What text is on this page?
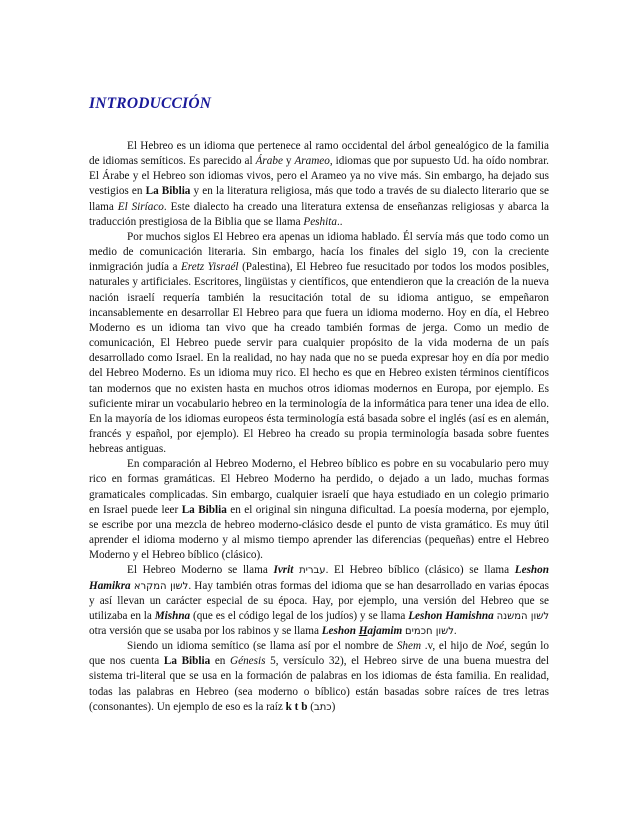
INTRODUCCIÓN

El Hebreo es un idioma que pertenece al ramo occidental del árbol genealógico de la familia de idiomas semíticos. Es parecido al Árabe y Arameo, idiomas que por supuesto Ud. ha oído nombrar. El Árabe y el Hebreo son idiomas vivos, pero el Arameo ya no vive más. Sin embargo, ha dejado sus vestigios en La Biblia y en la literatura religiosa, más que todo a través de su dialecto literario que se llama El Siríaco. Este dialecto ha creado una literatura extensa de enseñanzas religiosas y abarca la traducción prestigiosa de la Biblia que se llama Peshita..

Por muchos siglos El Hebreo era apenas un idioma hablado. Él servía más que todo como un medio de comunicación literaria. Sin embargo, hacía los finales del siglo 19, con la creciente inmigración judía a Eretz Yisraél (Palestina), El Hebreo fue resucitado por todos los modos posibles, naturales y artificiales. Escritores, lingüistas y científicos, que entendieron que la creación de la nueva nación israelí requería también la resucitación total de su idioma antiguo, se empeñaron incansablemente en desarrollar El Hebreo para que fuera un idioma moderno. Hoy en día, el Hebreo Moderno es un idioma tan vivo que ha creado también formas de jerga. Como un medio de comunicación, El Hebreo puede servir para cualquier propósito de la vida moderna de un país desarrollado como Israel. En la realidad, no hay nada que no se pueda expresar hoy en día por medio del Hebreo Moderno. Es un idioma muy rico. El hecho es que en Hebreo existen términos científicos tan modernos que no existen hasta en muchos otros idiomas modernos en Europa, por ejemplo. Es suficiente mirar un vocabulario hebreo en la terminología de la informática para tener una idea de ello. En la mayoría de los idiomas europeos ésta terminología está basada sobre el inglés (así es en alemán, francés y español, por ejemplo). El Hebreo ha creado su propia terminología basada sobre fuentes hebreas antiguas.

En comparación al Hebreo Moderno, el Hebreo bíblico es pobre en su vocabulario pero muy rico en formas gramáticas. El Hebreo Moderno ha perdido, o dejado a un lado, muchas formas gramaticales complicadas. Sin embargo, cualquier israelí que haya estudiado en un colegio primario en Israel puede leer La Biblia en el original sin ninguna dificultad. La poesía moderna, por ejemplo, se escribe por una mezcla de hebreo moderno-clásico desde el punto de vista gramático. Es muy útil aprender el idioma moderno y al mismo tiempo aprender las diferencias (pequeñas) entre el Hebreo Moderno y el Hebreo bíblico (clásico).

El Hebreo Moderno se llama Ivrit עברית. El Hebreo bíblico (clásico) se llama Leshon Hamikra לשון המקרא. Hay también otras formas del idioma que se han desarrollado en varias épocas y así llevan un carácter especial de su época. Hay, por ejemplo, una versión del Hebreo que se utilizaba en la Mishna (que es el código legal de los judíos) y se llama Leshon Hamishna לשון המשנה otra versión que se usaba por los rabinos y se llama Leshon Hajamim לשון חכמים.

Siendo un idioma semítico (se llama así por el nombre de Shem .v, el hijo de Noé, según lo que nos cuenta La Biblia en Génesis 5, versículo 32), el Hebreo sirve de una buena muestra del sistema tri-literal que se usa en la formación de palabras en los idiomas de ésta familia. En realidad, todas las palabras en Hebreo (sea moderno o bíblico) están basadas sobre raíces de tres letras (consonantes). Un ejemplo de eso es la raíz k t b (כתב)
